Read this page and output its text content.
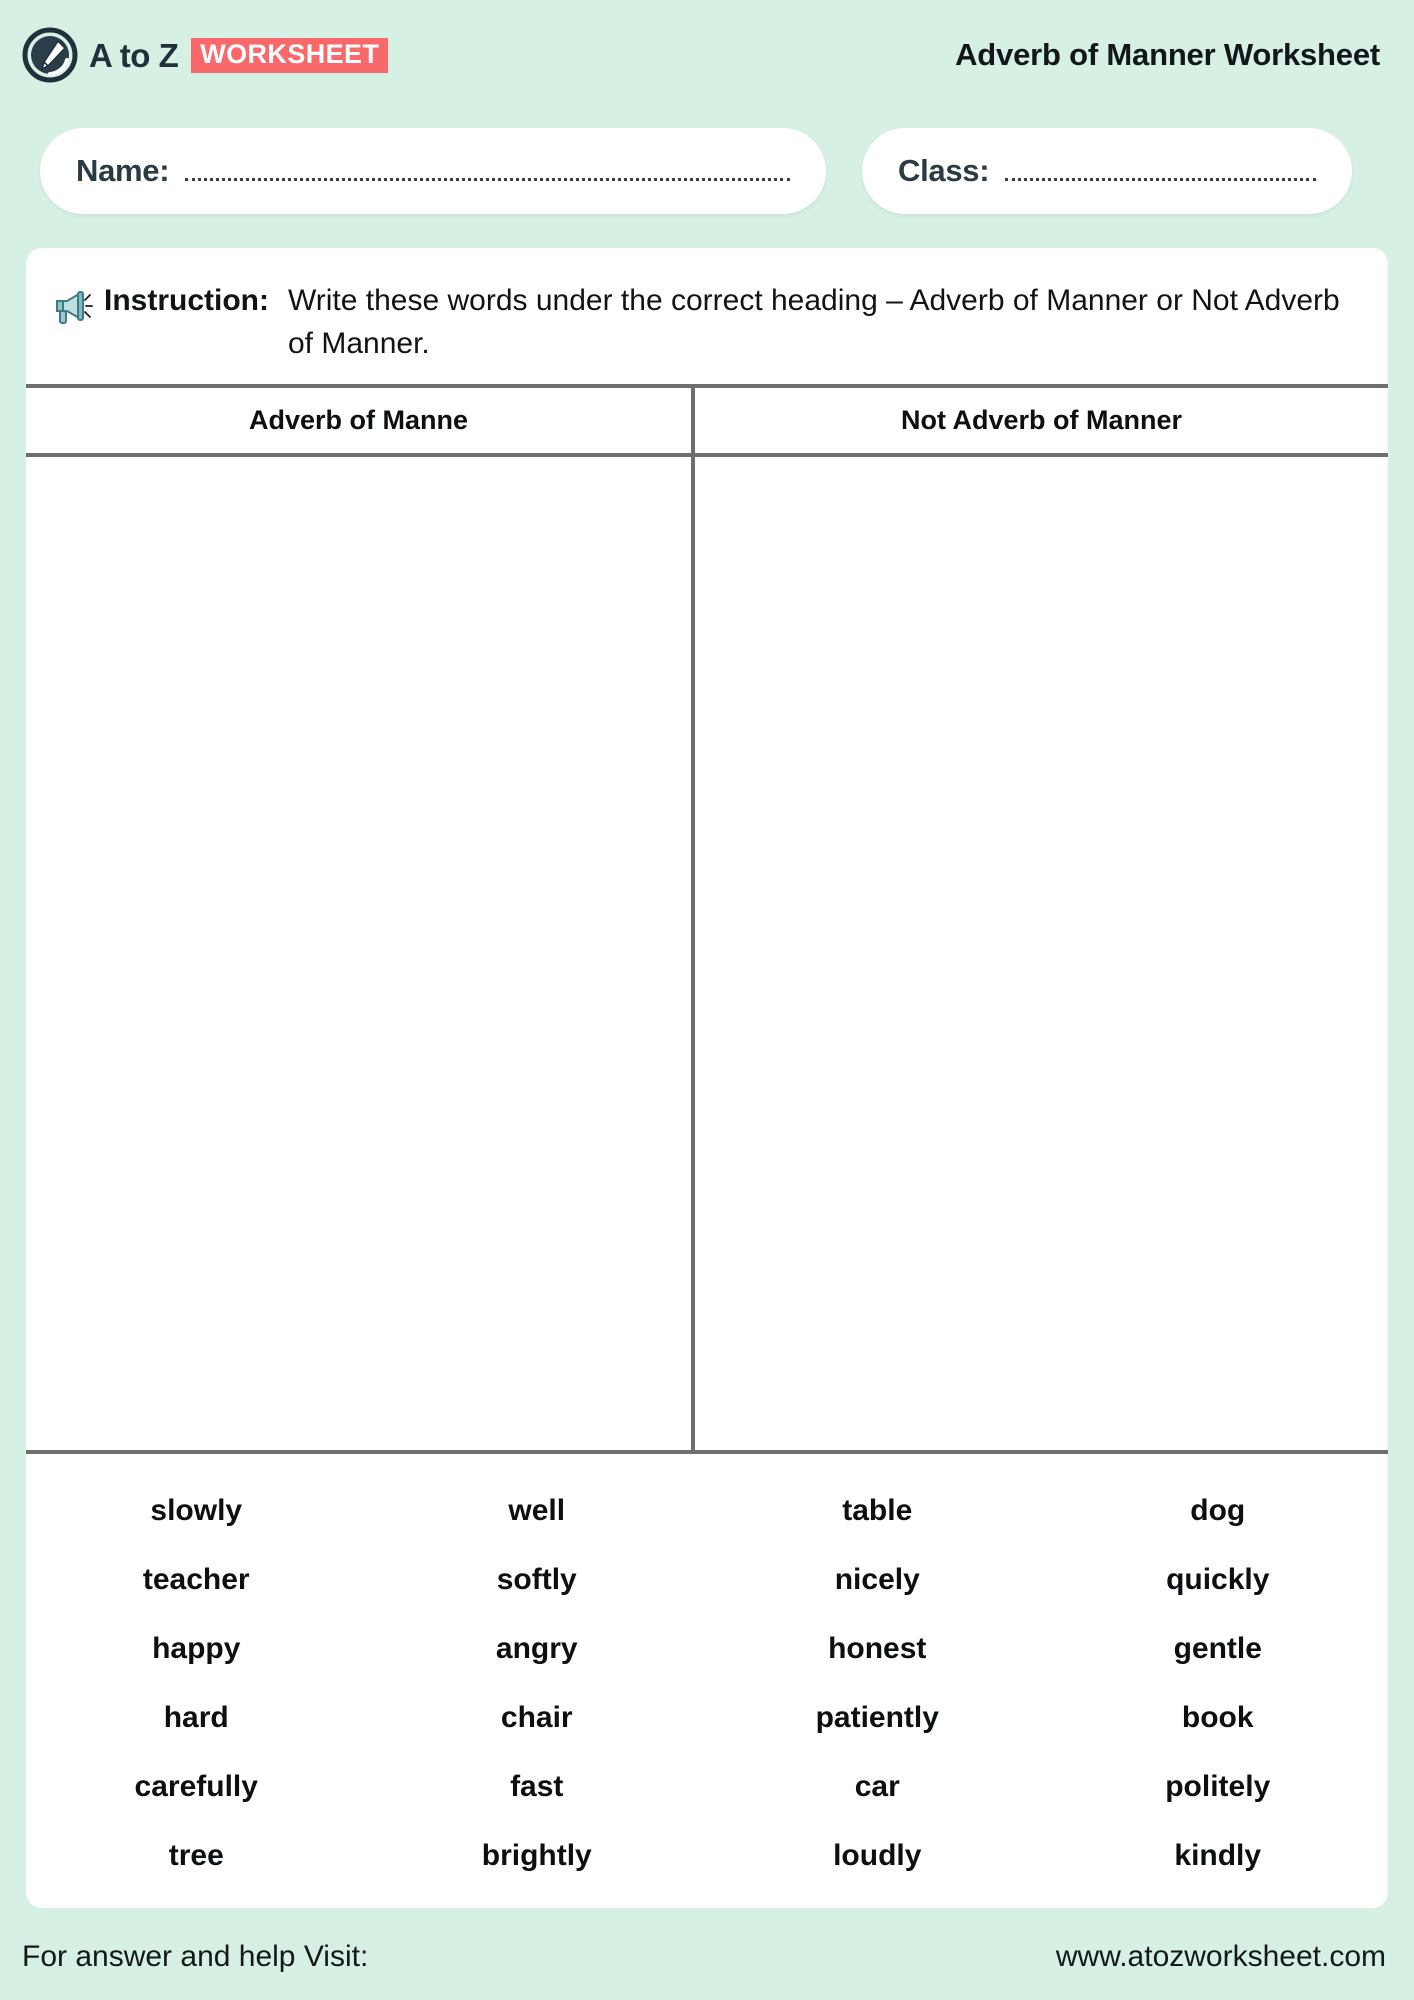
A to Z WORKSHEET	Adverb of Manner Worksheet
Name:	Class:
Instruction: Write these words under the correct heading – Adverb of Manner or Not Adverb of Manner.
Adverb of Manne	Not Adverb of Manner
slowly	well	table	dog
teacher	softly	nicely	quickly
happy	angry	honest	gentle
hard	chair	patiently	book
carefully	fast	car	politely
tree	brightly	loudly	kindly
For answer and help Visit:	www.atozworksheet.com
